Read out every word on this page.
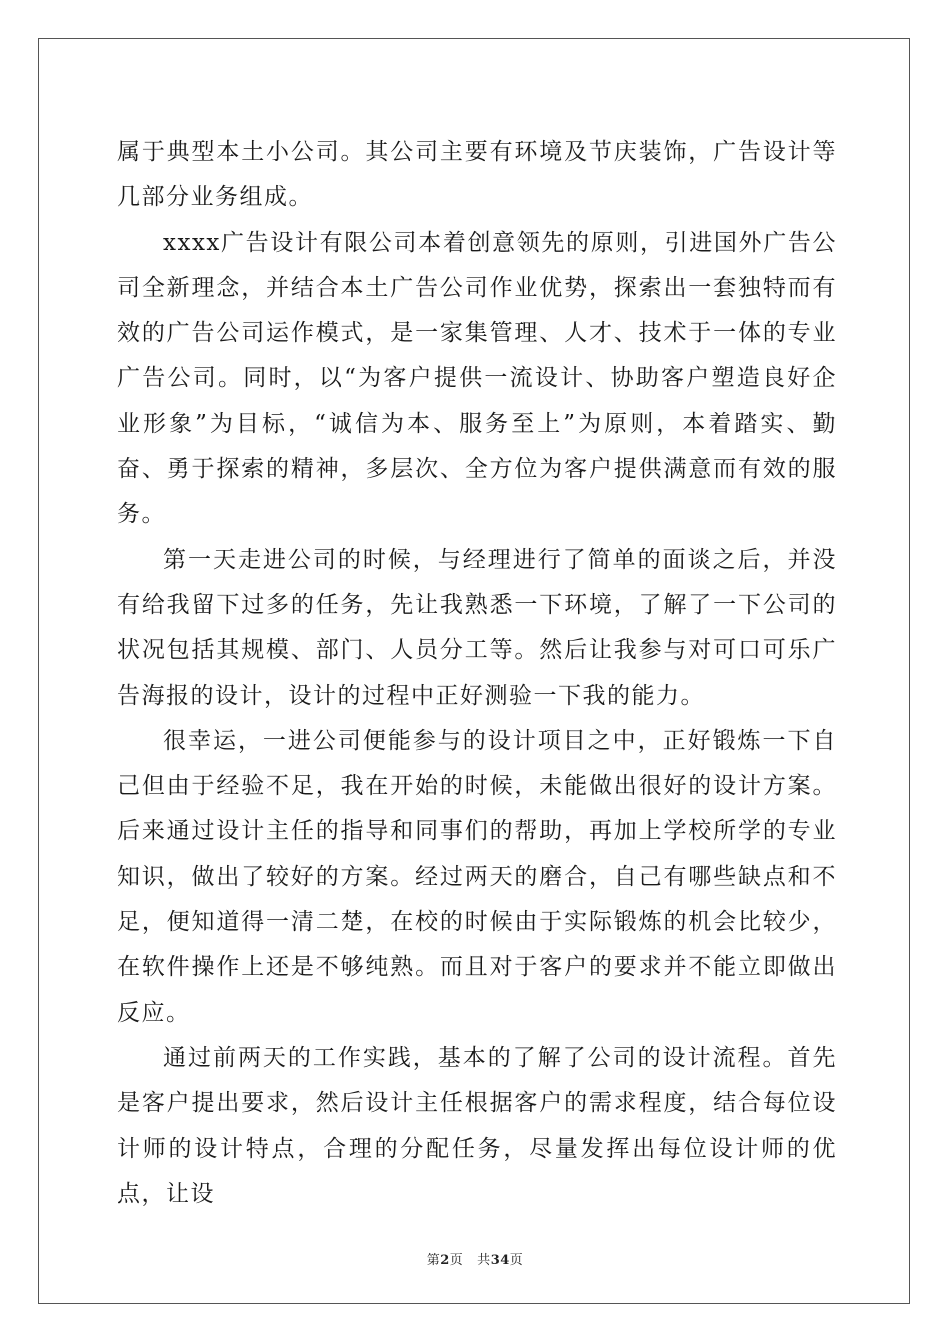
属于典型本土小公司。其公司主要有环境及节庆装饰，广告设计等几部分业务组成。

xxxx广告设计有限公司本着创意领先的原则，引进国外广告公司全新理念，并结合本土广告公司作业优势，探索出一套独特而有效的广告公司运作模式，是一家集管理、人才、技术于一体的专业广告公司。同时，以“为客户提供一流设计、协助客户塑造良好企业形象”为目标，“诚信为本、服务至上”为原则，本着踏实、勤奋、勇于探索的精神，多层次、全方位为客户提供满意而有效的服务。

第一天走进公司的时候，与经理进行了简单的面谈之后，并没有给我留下过多的任务，先让我熟悉一下环境，了解了一下公司的状况包括其规模、部门、人员分工等。然后让我参与对可口可乐广告海报的设计，设计的过程中正好测验一下我的能力。

很幸运，一进公司便能参与的设计项目之中，正好锻炼一下自己但由于经验不足，我在开始的时候，未能做出很好的设计方案。后来通过设计主任的指导和同事们的帮助，再加上学校所学的专业知识，做出了较好的方案。经过两天的磨合，自己有哪些缺点和不足，便知道得一清二楚，在校的时候由于实际锻炼的机会比较少，在软件操作上还是不够纯熟。而且对于客户的要求并不能立即做出反应。

通过前两天的工作实践，基本的了解了公司的设计流程。首先是客户提出要求，然后设计主任根据客户的需求程度，结合每位设计师的设计特点，合理的分配任务，尽量发挥出每位设计师的优点，让设

第2页 共34页
